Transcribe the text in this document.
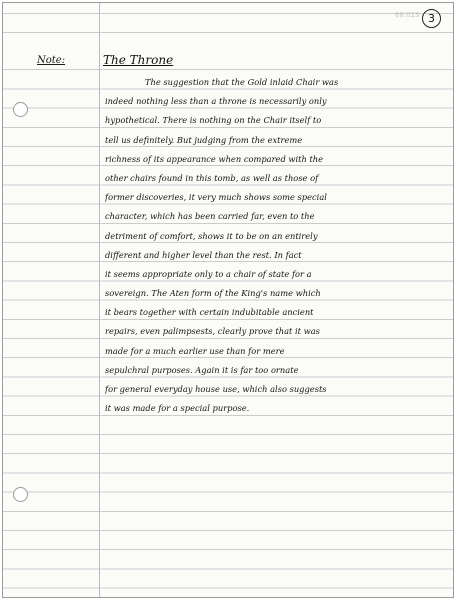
68.023 3
Note:	The Throne
The suggestion that the Gold inlaid Chair was
indeed nothing less than a throne is necessarily only
hypothetical. There is nothing on the Chair itself to
tell us definitely. But judging from the extreme
richness of its appearance when compared with the
other chairs found in this tomb, as well as those of
former discoveries, it very much shows some special
character, which has been carried far, even to the
detriment of comfort, shows it to be on an entirely
different and higher level than the rest. In fact
it seems appropriate only to a chair of state for a
sovereign. The Aten form of the King's name which
it bears together with certain indubitable ancient
repairs, even palimpsests, clearly prove that it was
made for a much earlier use than for mere
sepulchral purposes. Again it is far too ornate
for general everyday house use, which also suggests
it was made for a special purpose.
